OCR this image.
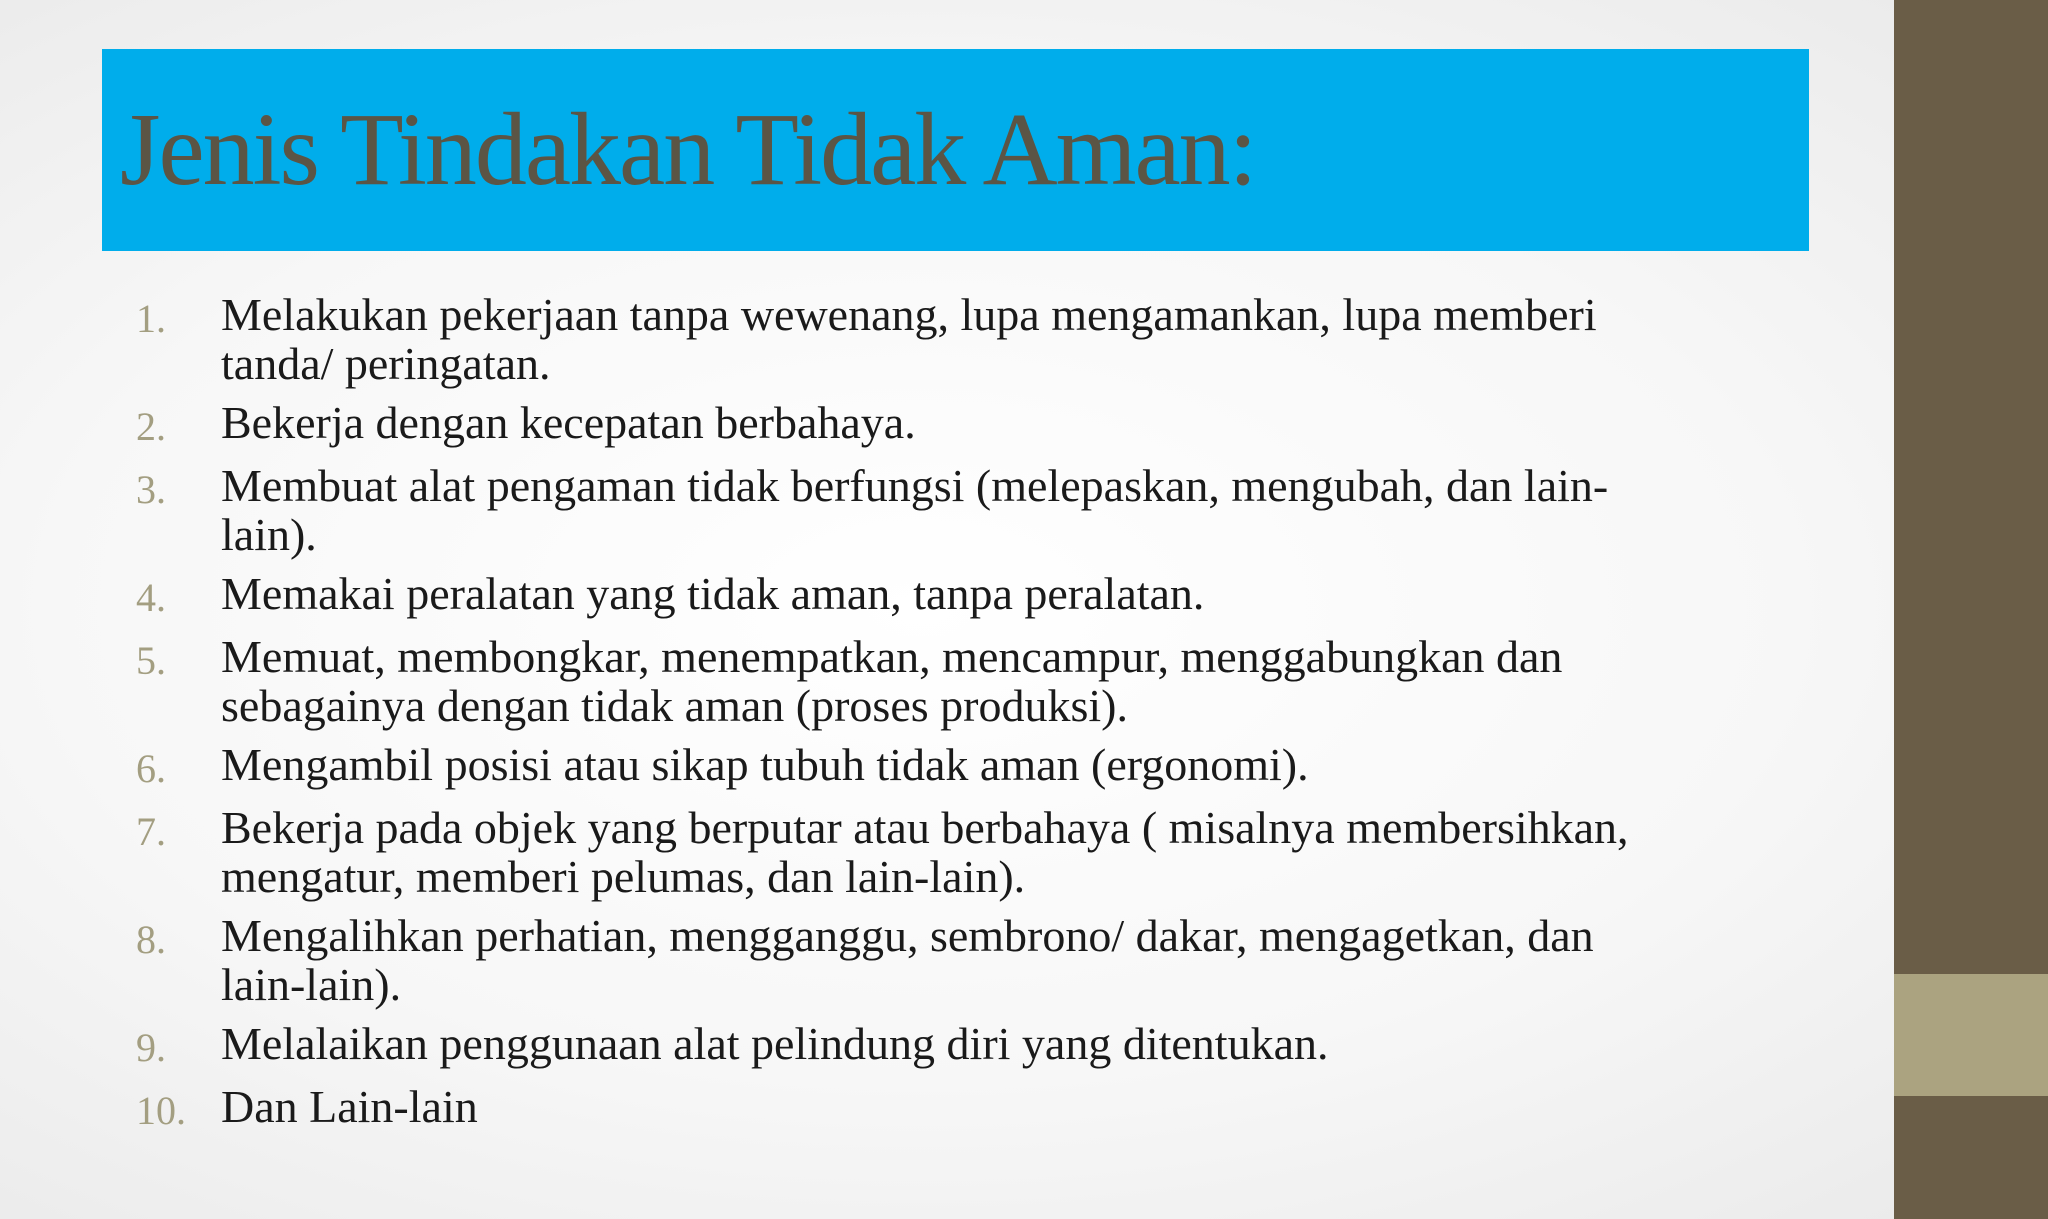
Jenis Tindakan Tidak Aman:
1.	Melakukan pekerjaan tanpa wewenang, lupa mengamankan, lupa memberi
tanda/ peringatan.
2.	Bekerja dengan kecepatan berbahaya.
3.	Membuat alat pengaman tidak berfungsi (melepaskan, mengubah, dan lain-
lain).
4.	Memakai peralatan yang tidak aman, tanpa peralatan.
5.	Memuat, membongkar, menempatkan, mencampur, menggabungkan dan
sebagainya dengan tidak aman (proses produksi).
6.	Mengambil posisi atau sikap tubuh tidak aman (ergonomi).
7.	Bekerja pada objek yang berputar atau berbahaya ( misalnya membersihkan,
mengatur, memberi pelumas, dan lain-lain).
8.	Mengalihkan perhatian, mengganggu, sembrono/ dakar, mengagetkan, dan
lain-lain).
9.	Melalaikan penggunaan alat pelindung diri yang ditentukan.
10. Dan Lain-lain
